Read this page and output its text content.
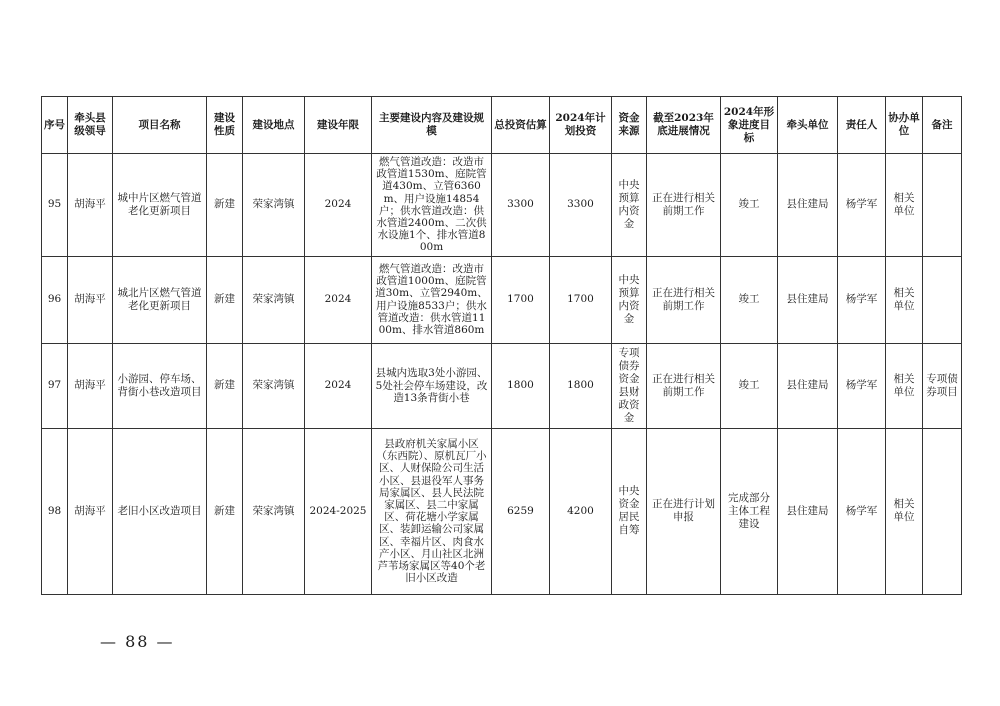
序号	牵头县级领导	项目名称	建设性质	建设地点	建设年限	主要建设内容及建设规模	总投资估算	2024年计划投资	资金来源	截至2023年底进展情况	2024年形象进度目标	牵头单位	责任人	协办单位	备注
95	胡海平	城中片区燃气管道老化更新项目	新建	荣家湾镇	2024	燃气管道改造：改造市政管道1530m、庭院管道430m、立管6360m、用户设施14854户；供水管道改造：供水管道2400m、二次供水设施1个、排水管道800m	3300	3300	中央预算内资金	正在进行相关前期工作	竣工	县住建局	杨学军	相关单位	
96	胡海平	城北片区燃气管道老化更新项目	新建	荣家湾镇	2024	燃气管道改造：改造市政管道1000m、庭院管道30m、立管2940m、用户设施8533户；供水管道改造：供水管道1100m、排水管道860m	1700	1700	中央预算内资金	正在进行相关前期工作	竣工	县住建局	杨学军	相关单位	
97	胡海平	小游园、停车场、背街小巷改造项目	新建	荣家湾镇	2024	县城内选取3处小游园、5处社会停车场建设，改造13条背街小巷	1800	1800	专项债券资金县财政资金	正在进行相关前期工作	竣工	县住建局	杨学军	相关单位	专项债券项目
98	胡海平	老旧小区改造项目	新建	荣家湾镇	2024-2025	县政府机关家属小区（东西院）、原机瓦厂小区、人财保险公司生活小区、县退役军人事务局家属区、县人民法院家属区、县二中家属区、荷花塘小学家属区、装卸运输公司家属区、幸福片区、肉食水产小区、月山社区北洲芦苇场家属区等40个老旧小区改造	6259	4200	中央资金居民自筹	正在进行计划申报	完成部分主体工程建设	县住建局	杨学军	相关单位	
— 88 —
